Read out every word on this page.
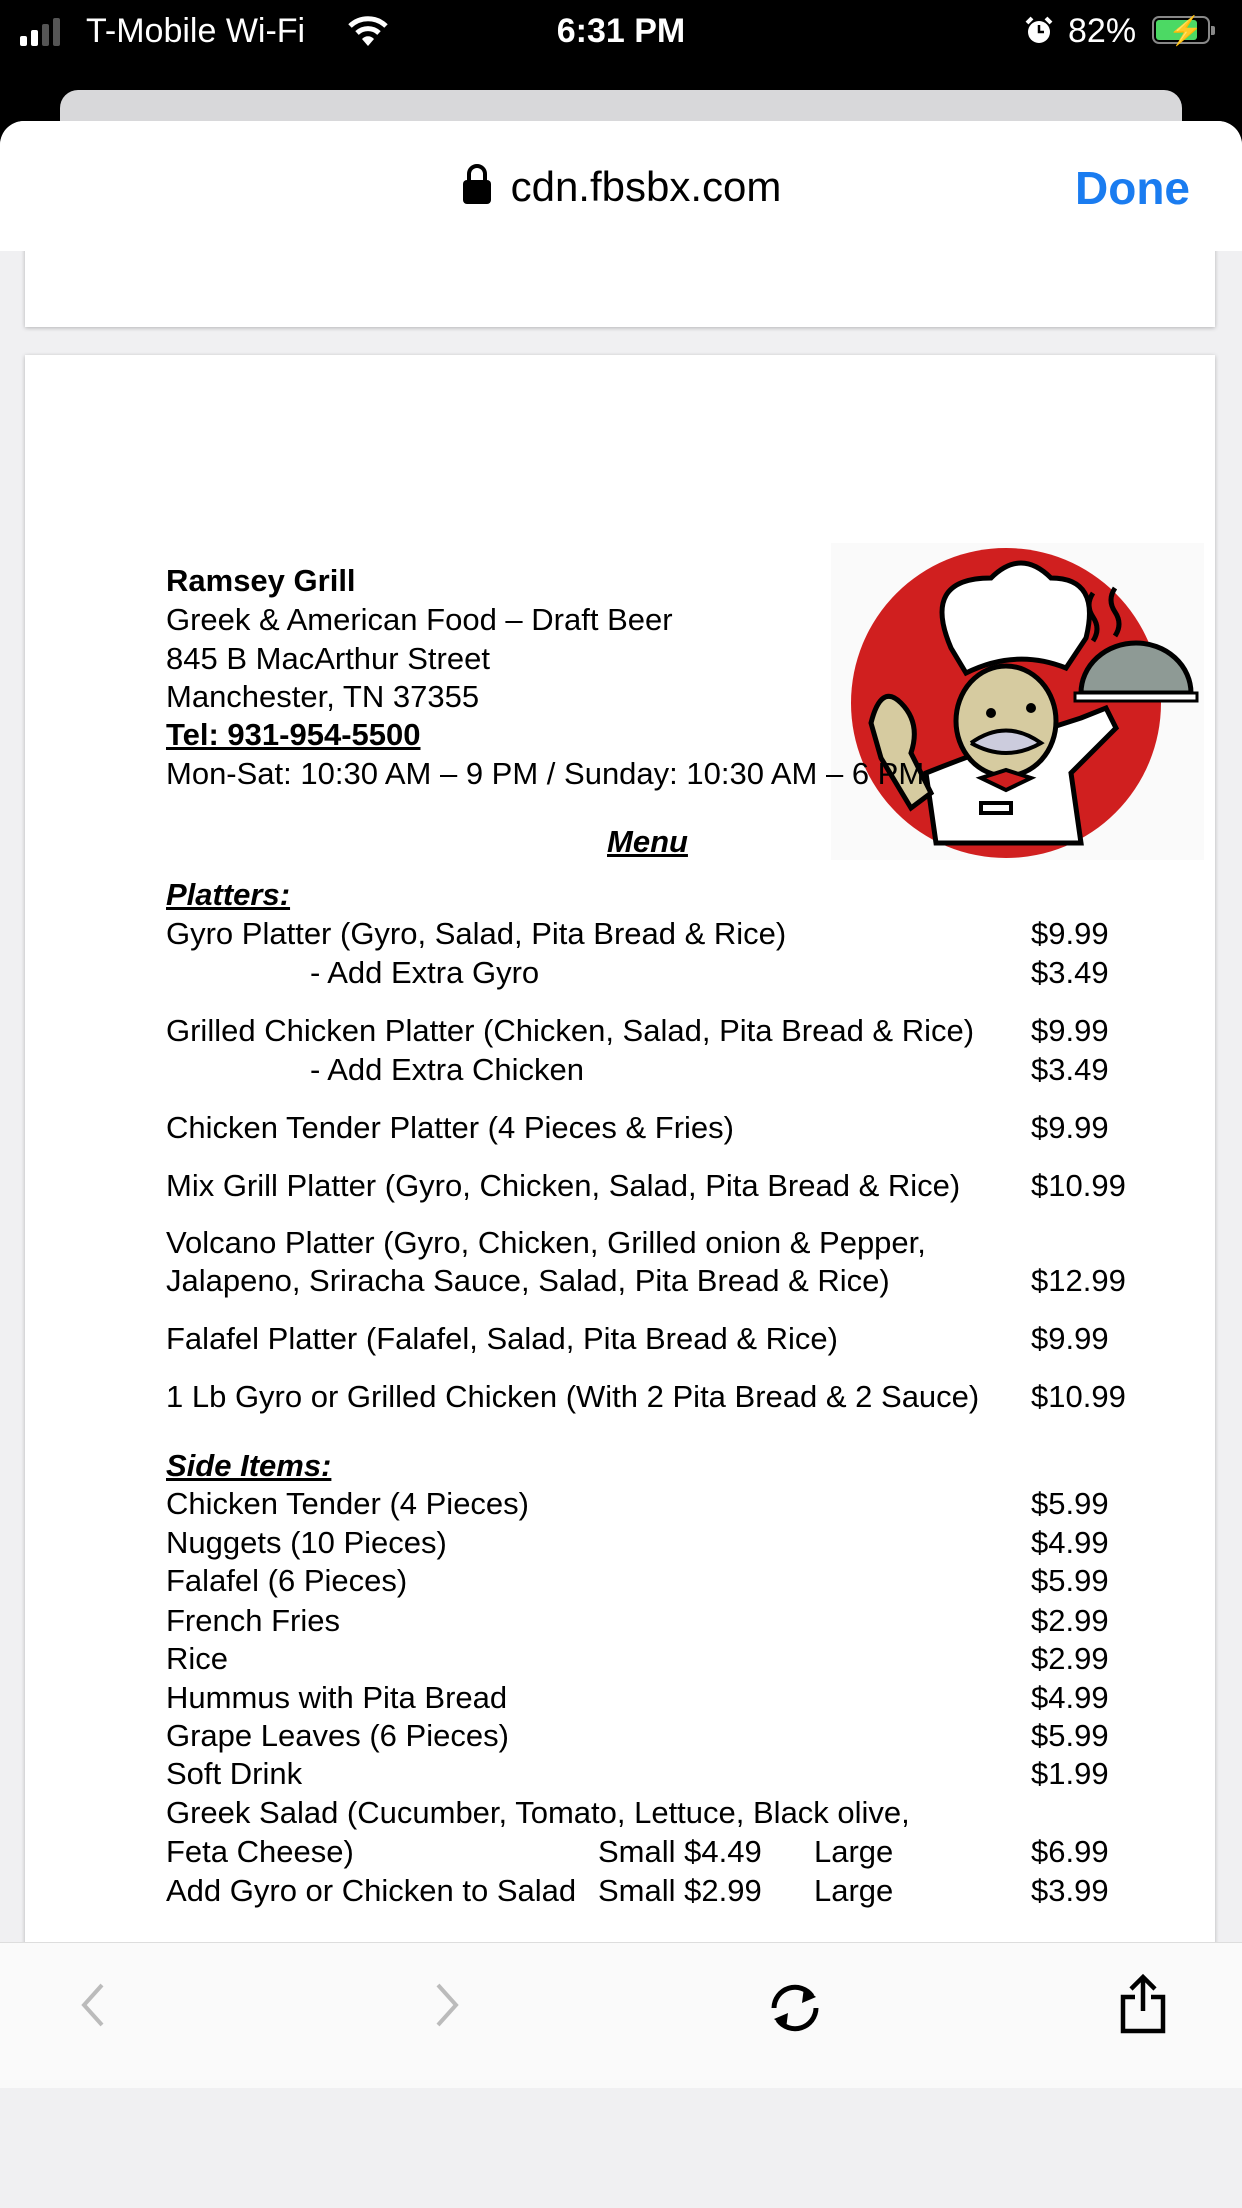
T-Mobile Wi-Fi	6:31 PM	82% ⚡
cdn.fbsbx.com	Done
Ramsey Grill
Greek & American Food – Draft Beer
845 B MacArthur Street
Manchester, TN 37355
Tel: 931-954-5500
Mon-Sat: 10:30 AM – 9 PM / Sunday: 10:30 AM – 6 PM
Menu
Platters:
Gyro Platter (Gyro, Salad, Pita Bread & Rice)	$9.99
- Add Extra Gyro	$3.49
Grilled Chicken Platter (Chicken, Salad, Pita Bread & Rice) $9.99
- Add Extra Chicken	$3.49
Chicken Tender Platter (4 Pieces & Fries)	$9.99
Mix Grill Platter (Gyro, Chicken, Salad, Pita Bread & Rice) $10.99
Volcano Platter (Gyro, Chicken, Grilled onion & Pepper,
Jalapeno, Sriracha Sauce, Salad, Pita Bread & Rice)	$12.99
Falafel Platter (Falafel, Salad, Pita Bread & Rice)	$9.99
1 Lb Gyro or Grilled Chicken (With 2 Pita Bread & 2 Sauce) $10.99
Side Items:
Chicken Tender (4 Pieces)	$5.99
Nuggets (10 Pieces)	$4.99
Falafel (6 Pieces)	$5.99
French Fries	$2.99
Rice	$2.99
Hummus with Pita Bread	$4.99
Grape Leaves (6 Pieces)	$5.99
Soft Drink	$1.99
Greek Salad (Cucumber, Tomato, Lettuce, Black olive,
Feta Cheese)	Small $4.49 Large	$6.99
Add Gyro or Chicken to Salad Small $2.99 Large	$3.99
